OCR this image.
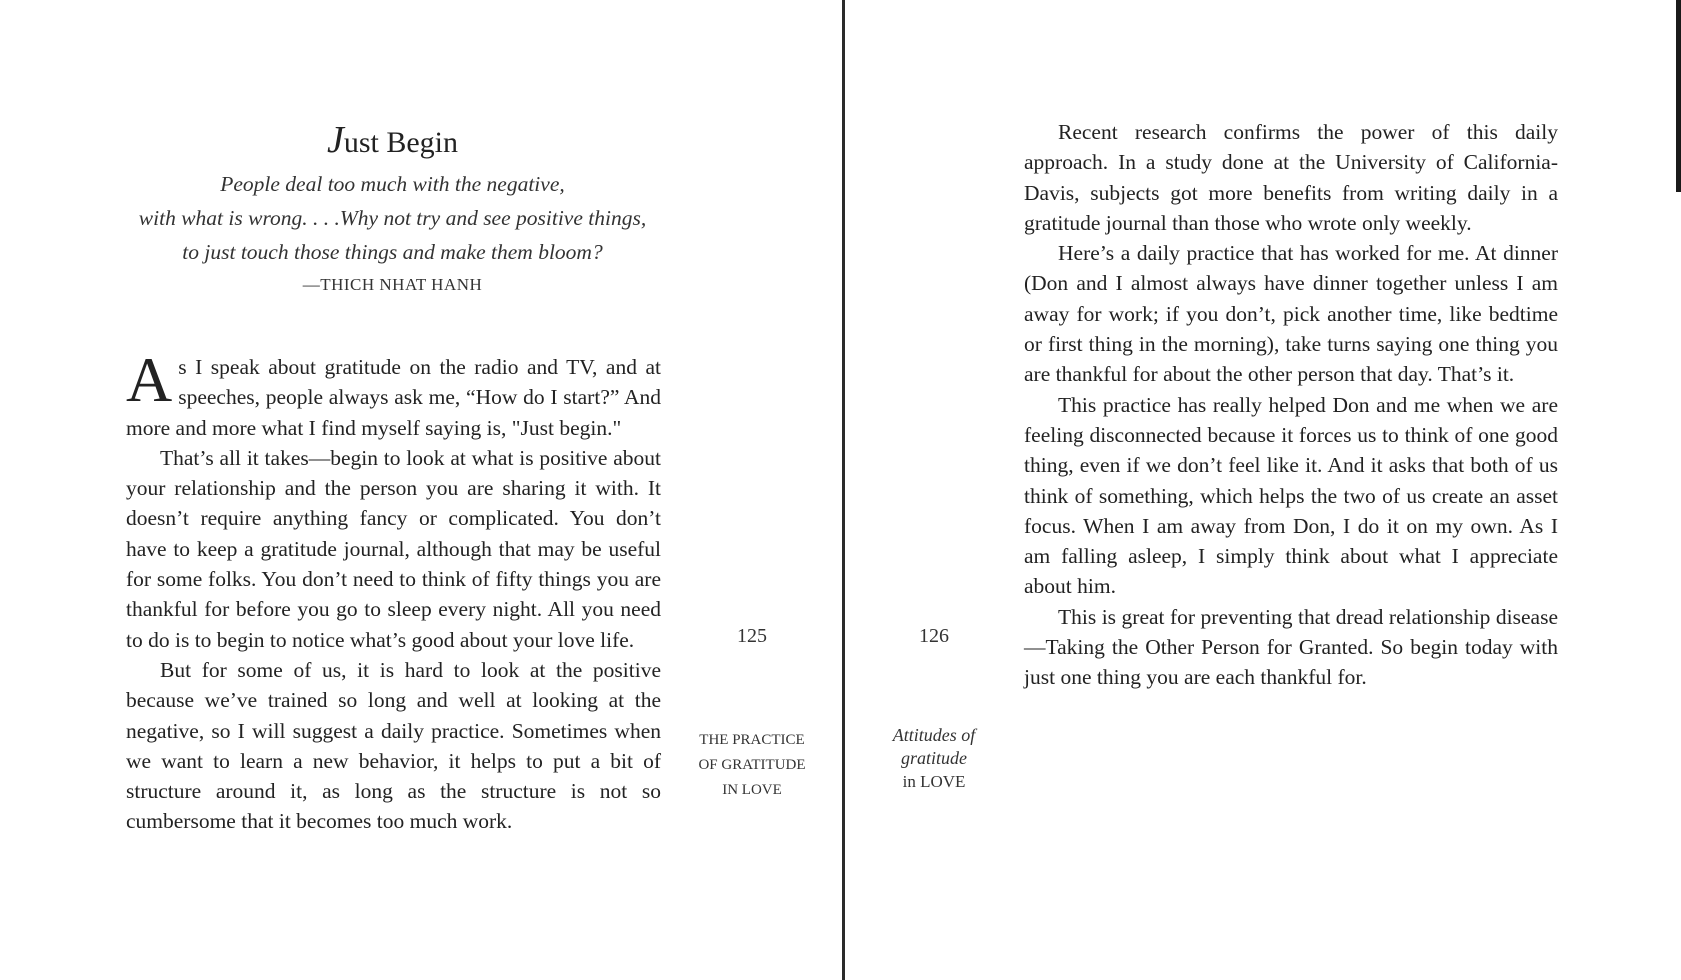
Just Begin
People deal too much with the negative,
with what is wrong. . . .Why not try and see positive things,
to just touch those things and make them bloom?
—THICH NHAT HANH

As I speak about gratitude on the radio and TV, and at speeches, people always ask me, “How do I start?” And more and more what I find myself saying is, "Just begin."

That’s all it takes—begin to look at what is positive about your relationship and the person you are sharing it with. It doesn’t require anything fancy or complicated. You don’t have to keep a gratitude journal, although that may be useful for some folks. You don’t need to think of fifty things you are thankful for before you go to sleep every night. All you need to do is to begin to notice what’s good about your love life.

But for some of us, it is hard to look at the positive because we’ve trained so long and well at looking at the negative, so I will suggest a daily practice. Sometimes when we want to learn a new behavior, it helps to put a bit of structure around it, as long as the structure is not so cumbersome that it becomes too much work.

125
THE PRACTICE
OF GRATITUDE
IN LOVE
126
Attitudes of
gratitude
in LOVE

Recent research confirms the power of this daily approach. In a study done at the University of California-Davis, subjects got more benefits from writing daily in a gratitude journal than those who wrote only weekly.

Here’s a daily practice that has worked for me. At dinner (Don and I almost always have dinner together unless I am away for work; if you don’t, pick another time, like bedtime or first thing in the morning), take turns saying one thing you are thankful for about the other person that day. That’s it.

This practice has really helped Don and me when we are feeling disconnected because it forces us to think of one good thing, even if we don’t feel like it. And it asks that both of us think of something, which helps the two of us create an asset focus. When I am away from Don, I do it on my own. As I am falling asleep, I simply think about what I appreciate about him.

This is great for preventing that dread relationship disease—Taking the Other Person for Granted. So begin today with just one thing you are each thankful for.
